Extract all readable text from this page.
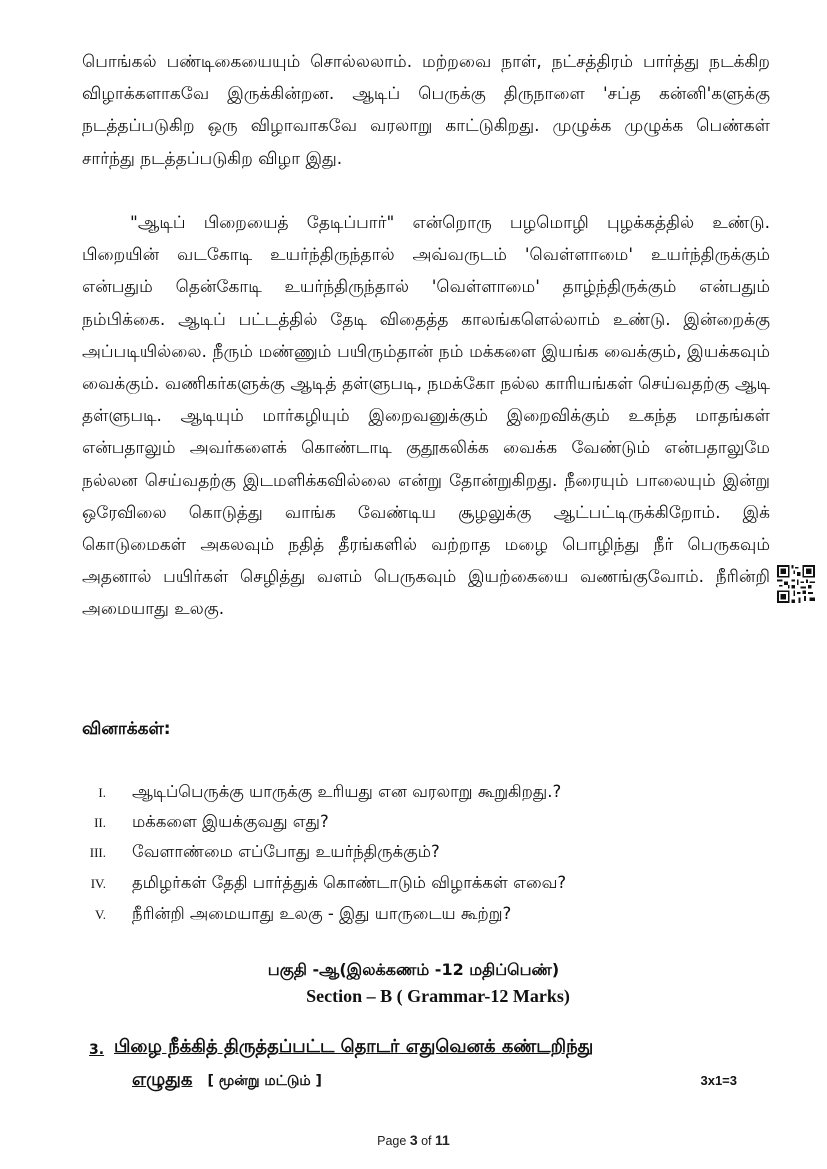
பொங்கல் பண்டிகையையும் சொல்லலாம். மற்றவை நாள், நட்சத்திரம் பார்த்து நடக்கிற விழாக்களாகவே இருக்கின்றன. ஆடிப் பெருக்கு திருநாளை 'சப்த கன்னி'களுக்கு நடத்தப்படுகிற ஒரு விழாவாகவே வரலாறு காட்டுகிறது. முழுக்க முழுக்க பெண்கள் சார்ந்து நடத்தப்படுகிற விழா இது.

"ஆடிப் பிறையைத் தேடிப்பார்" என்றொரு பழமொழி புழக்கத்தில் உண்டு. பிறையின் வடகோடி உயர்ந்திருந்தால் அவ்வருடம் 'வெள்ளாமை' உயர்ந்திருக்கும் என்பதும் தென்கோடி உயர்ந்திருந்தால் 'வெள்ளாமை' தாழ்ந்திருக்கும் என்பதும் நம்பிக்கை. ஆடிப் பட்டத்தில் தேடி விதைத்த காலங்களெல்லாம் உண்டு. இன்றைக்கு அப்படியில்லை. நீரும் மண்ணும் பயிரும்தான் நம் மக்களை இயங்க வைக்கும், இயக்கவும் வைக்கும். வணிகர்களுக்கு ஆடித் தள்ளுபடி, நமக்கோ நல்ல காரியங்கள் செய்வதற்கு ஆடி தள்ளுபடி. ஆடியும் மார்கழியும் இறைவனுக்கும் இறைவிக்கும் உகந்த மாதங்கள் என்பதாலும் அவர்களைக் கொண்டாடி குதூகலிக்க வைக்க வேண்டும் என்பதாலுமே நல்லன செய்வதற்கு இடமளிக்கவில்லை என்று தோன்றுகிறது. நீரையும் பாலையும் இன்று ஒரேவிலை கொடுத்து வாங்க வேண்டிய சூழலுக்கு ஆட்பட்டிருக்கிறோம். இக் கொடுமைகள் அகலவும் நதித் தீரங்களில் வற்றாத மழை பொழிந்து நீர் பெருகவும் அதனால் பயிர்கள் செழித்து வளம் பெருகவும் இயற்கையை வணங்குவோம். நீரின்றி அமையாது உலகு.

வினாக்கள்:

I. ஆடிப்பெருக்கு யாருக்கு உரியது என வரலாறு கூறுகிறது.?
II. மக்களை இயக்குவது எது?
III. வேளாண்மை எப்போது உயர்ந்திருக்கும்?
IV. தமிழர்கள் தேதி பார்த்துக் கொண்டாடும் விழாக்கள் எவை?
V. நீரின்றி அமையாது உலகு - இது யாருடைய கூற்று?
பகுதி -ஆ(இலக்கணம் -12 மதிப்பெண்)
Section – B ( Grammar-12 Marks)
3. பிழை நீக்கித் திருத்தப்பட்ட தொடர் எதுவெனக் கண்டறிந்து
எழுதுக [ மூன்று மட்டும் ]	3x1=3
Page 3 of 11
